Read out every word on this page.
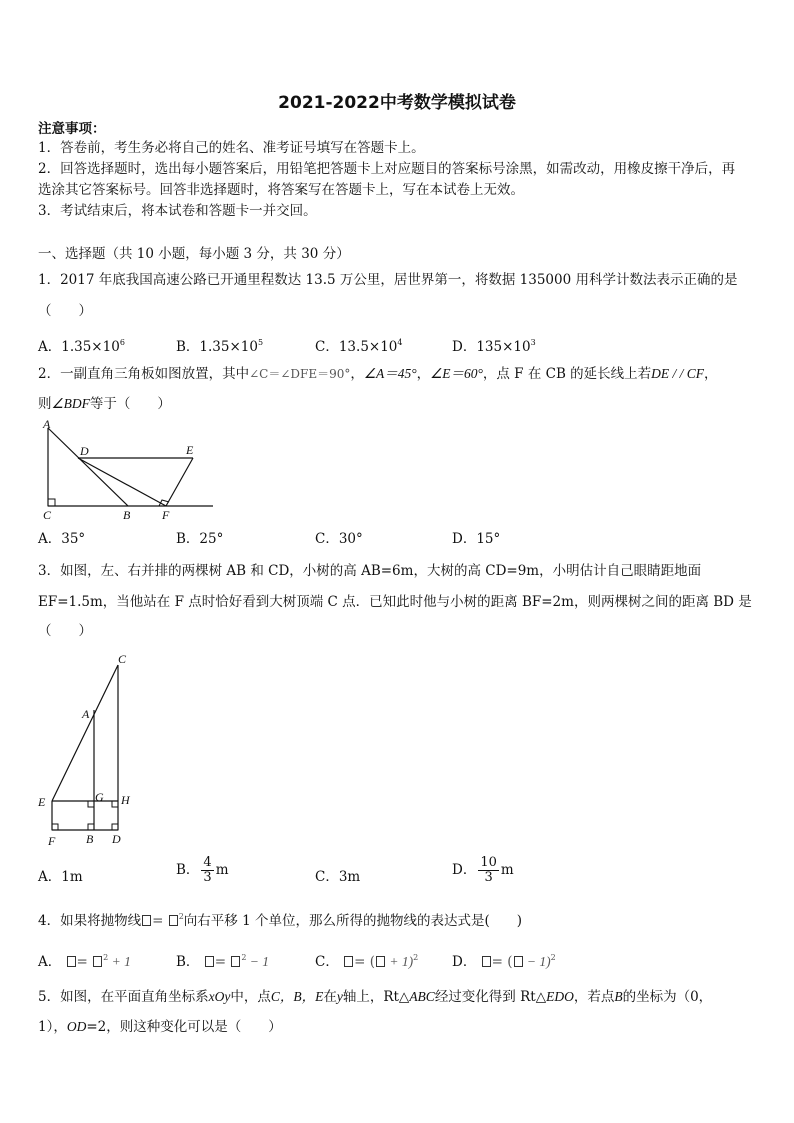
2021-2022中考数学模拟试卷
注意事项：
1．答卷前，考生务必将自己的姓名、准考证号填写在答题卡上。
2．回答选择题时，选出每小题答案后，用铅笔把答题卡上对应题目的答案标号涂黑，如需改动，用橡皮擦干净后，再
选涂其它答案标号。回答非选择题时，将答案写在答题卡上，写在本试卷上无效。
3．考试结束后，将本试卷和答题卡一并交回。
一、选择题（共 10 小题，每小题 3 分，共 30 分）
1．2017 年底我国高速公路已开通里程数达 13.5 万公里，居世界第一，将数据 135000 用科学计数法表示正确的是
（　　）
A．$1.35\times 10^6$	B．$1.35\times 10^5$	C．$13.5\times 10^4$	D．$135\times 10^3$
2．一副直角三角板如图放置，其中∠C＝∠DFE＝90°，∠A＝45°，∠E＝60°，点 F 在 CB 的延长线上若DE / / CF，
则∠BDF等于（　　）
A
D	E
C	B	F
A．35°	B．25°	C．30°	D．15°
3．如图，左、右并排的两棵树 AB 和 CD，小树的高 AB=6m，大树的高 CD=9m，小明估计自己眼睛距地面
EF=1.5m，当他站在 F 点时恰好看到大树顶端 C 点．已知此时他与小树的距离 BF=2m，则两棵树之间的距离 BD 是
（　　）
C
A
E	G H
F	B D
A．1m	B． $\frac{4}{3}$ m	C．3m	D． $\frac{10}{3}$ m
4．如果将抛物线 = $^2$向右平移 1 个单位，那么所得的抛物线的表达式是(　　)
A． = $^2$ + 1	B． = $^2$ − 1	C． = ( + 1)$^2$	D． = ( − 1)$^2$
5．如图，在平面直角坐标系xOy中，点C，B，E在y轴上，Rt△ABC经过变化得到 Rt△EDO，若点B的坐标为（0，
1），OD=2，则这种变化可以是（　　）
